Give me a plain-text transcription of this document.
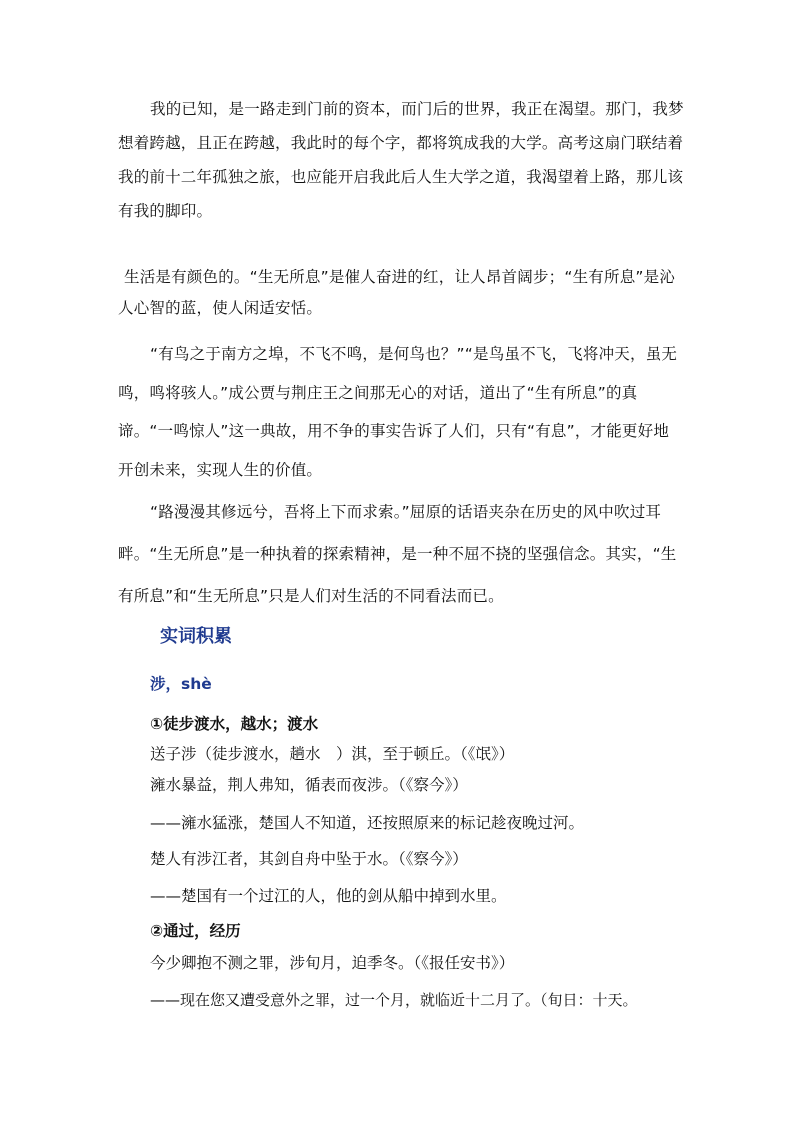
我的已知，是一路走到门前的资本，而门后的世界，我正在渴望。那门，我梦想着跨越，且正在跨越，我此时的每个字，都将筑成我的大学。高考这扇门联结着我的前十二年孤独之旅，也应能开启我此后人生大学之道，我渴望着上路，那儿该有我的脚印。

生活是有颜色的。“生无所息”是催人奋进的红，让人昂首阔步；“生有所息”是沁人心智的蓝，使人闲适安恬。

“有鸟之于南方之埠，不飞不鸣，是何鸟也？”“是鸟虽不飞，飞将冲天，虽无鸣，鸣将骇人。”成公贾与荆庄王之间那无心的对话，道出了“生有所息”的真谛。“一鸣惊人”这一典故，用不争的事实告诉了人们，只有“有息”，才能更好地开创未来，实现人生的价值。

“路漫漫其修远兮，吾将上下而求索。”屈原的话语夹杂在历史的风中吹过耳畔。“生无所息”是一种执着的探索精神，是一种不屈不挠的坚强信念。其实，“生有所息”和“生无所息”只是人们对生活的不同看法而已。

实词积累

涉，shè

①徒步渡水，越水；渡水

送子涉（徒步渡水，趟水　）淇，至于顿丘。（《氓》）

澭水暴益，荆人弗知，循表而夜涉。（《察今》）

——澭水猛涨，楚国人不知道，还按照原来的标记趁夜晚过河。

楚人有涉江者，其剑自舟中坠于水。（《察今》）

——楚国有一个过江的人，他的剑从船中掉到水里。

②通过，经历

今少卿抱不测之罪，涉旬月，迫季冬。（《报任安书》）

——现在您又遭受意外之罪，过一个月，就临近十二月了。（旬日：十天。
